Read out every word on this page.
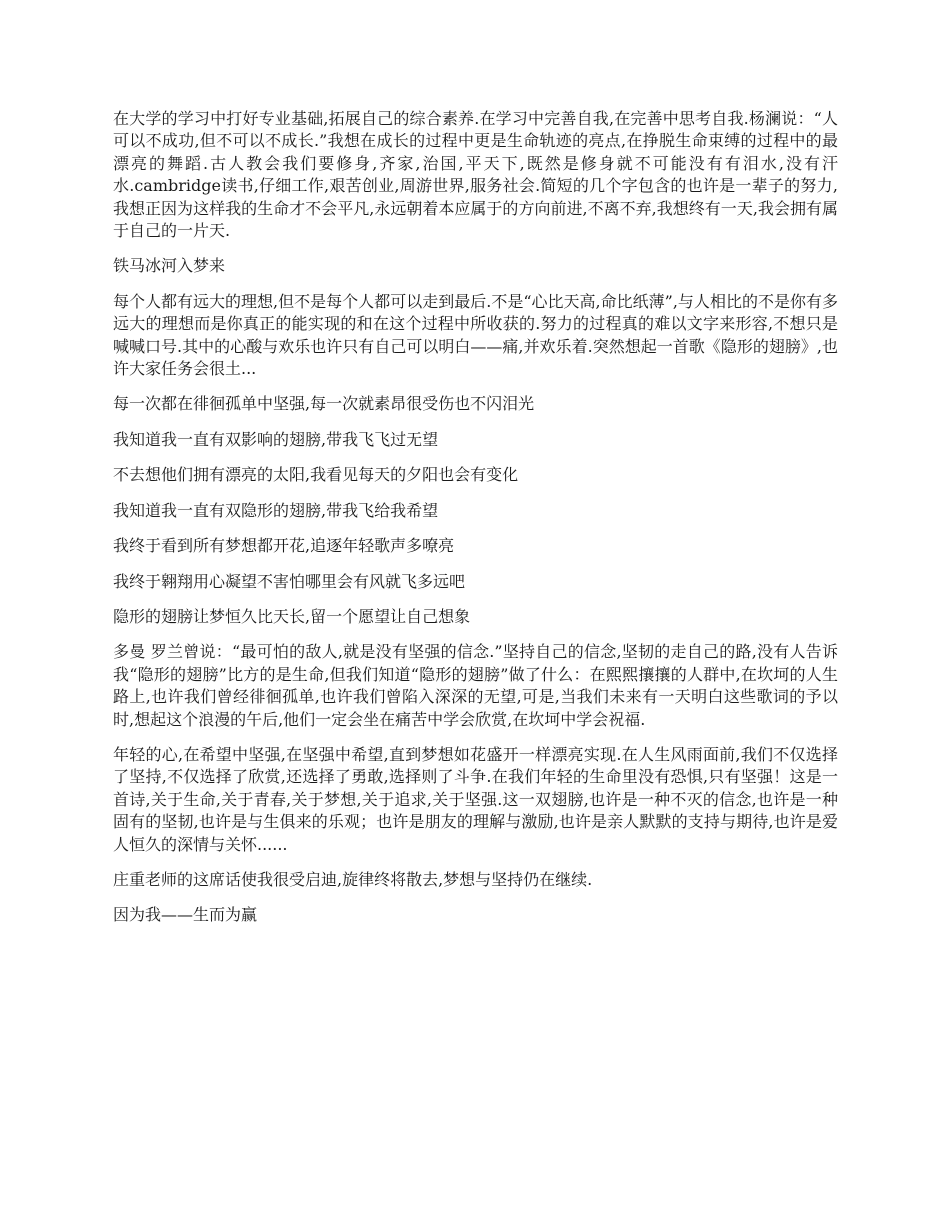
在大学的学习中打好专业基础,拓展自己的综合素养.在学习中完善自我,在完善中思考自我.杨澜说：“人可以不成功,但不可以不成长.”我想在成长的过程中更是生命轨迹的亮点,在挣脱生命束缚的过程中的最漂亮的舞蹈.古人教会我们要修身,齐家,治国,平天下,既然是修身就不可能没有有泪水,没有汗水.cambridge读书,仔细工作,艰苦创业,周游世界,服务社会.简短的几个字包含的也许是一辈子的努力,我想正因为这样我的生命才不会平凡,永远朝着本应属于的方向前进,不离不弃,我想终有一天,我会拥有属于自己的一片天.

铁马冰河入梦来

每个人都有远大的理想,但不是每个人都可以走到最后.不是“心比天高,命比纸薄”,与人相比的不是你有多远大的理想而是你真正的能实现的和在这个过程中所收获的.努力的过程真的难以文字来形容,不想只是喊喊口号.其中的心酸与欢乐也许只有自己可以明白——痛,并欢乐着.突然想起一首歌《隐形的翅膀》,也许大家任务会很土...

每一次都在徘徊孤单中坚强,每一次就素昂很受伤也不闪泪光

我知道我一直有双影响的翅膀,带我飞飞过无望

不去想他们拥有漂亮的太阳,我看见每天的夕阳也会有变化

我知道我一直有双隐形的翅膀,带我飞给我希望

我终于看到所有梦想都开花,追逐年轻歌声多嘹亮

我终于翱翔用心凝望不害怕哪里会有风就飞多远吧

隐形的翅膀让梦恒久比天长,留一个愿望让自己想象

多曼 罗兰曾说：“最可怕的敌人,就是没有坚强的信念.”坚持自己的信念,坚韧的走自己的路,没有人告诉我“隐形的翅膀”比方的是生命,但我们知道“隐形的翅膀”做了什么：在熙熙攘攘的人群中,在坎坷的人生路上,也许我们曾经徘徊孤单,也许我们曾陷入深深的无望,可是,当我们未来有一天明白这些歌词的予以时,想起这个浪漫的午后,他们一定会坐在痛苦中学会欣赏,在坎坷中学会祝福.

年轻的心,在希望中坚强,在坚强中希望,直到梦想如花盛开一样漂亮实现.在人生风雨面前,我们不仅选择了坚持,不仅选择了欣赏,还选择了勇敢,选择则了斗争.在我们年轻的生命里没有恐惧,只有坚强！这是一首诗,关于生命,关于青春,关于梦想,关于追求,关于坚强.这一双翅膀,也许是一种不灭的信念,也许是一种固有的坚韧,也许是与生俱来的乐观；也许是朋友的理解与激励,也许是亲人默默的支持与期待,也许是爱人恒久的深情与关怀......

庄重老师的这席话使我很受启迪,旋律终将散去,梦想与坚持仍在继续.

因为我——生而为赢
